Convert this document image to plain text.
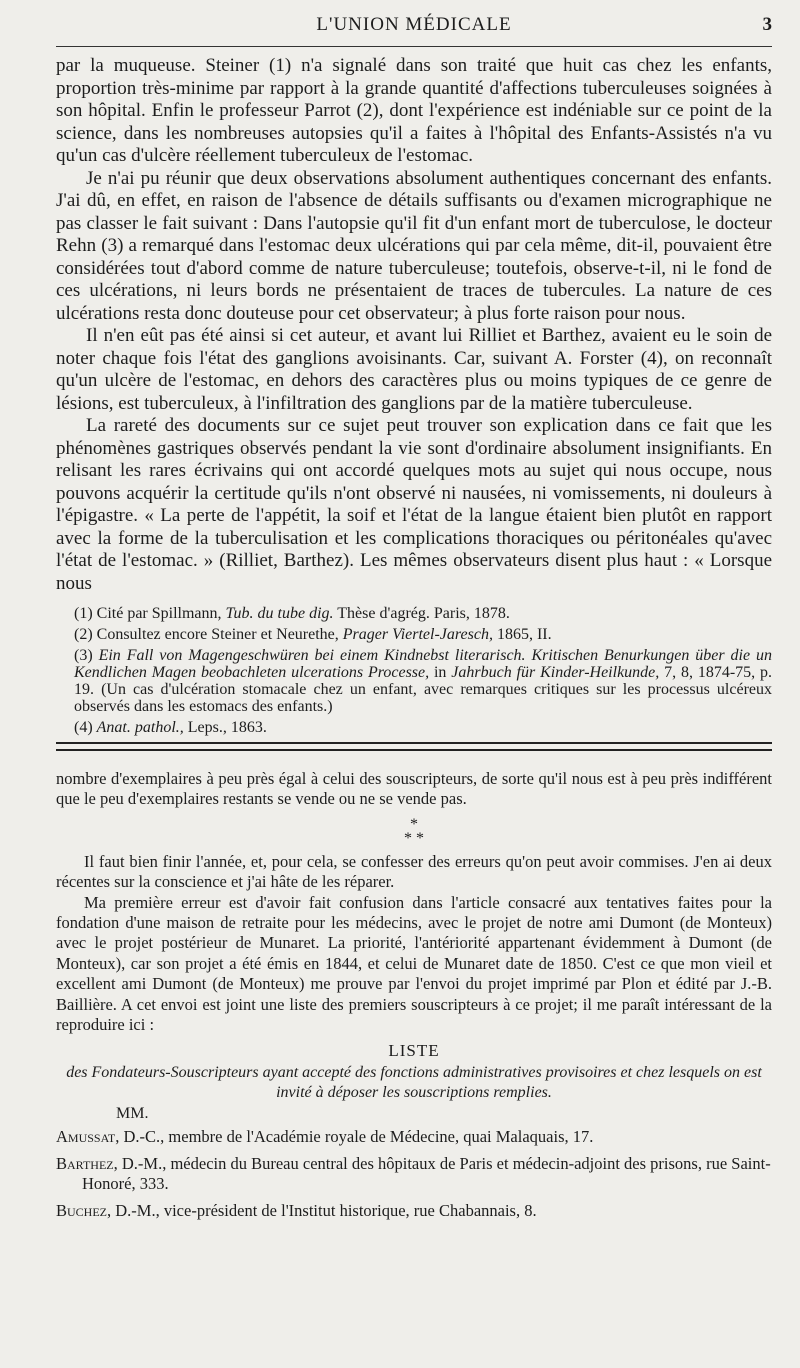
L'UNION MÉDICALE	3

par la muqueuse. Steiner (1) n'a signalé dans son traité que huit cas chez les enfants, proportion très-minime par rapport à la grande quantité d'affections tuberculeuses soignées à son hôpital. Enfin le professeur Parrot (2), dont l'expérience est indéniable sur ce point de la science, dans les nombreuses autopsies qu'il a faites à l'hôpital des Enfants-Assistés n'a vu qu'un cas d'ulcère réellement tuberculeux de l'estomac.

Je n'ai pu réunir que deux observations absolument authentiques concernant des enfants. J'ai dû, en effet, en raison de l'absence de détails suffisants ou d'examen micrographique ne pas classer le fait suivant : Dans l'autopsie qu'il fit d'un enfant mort de tuberculose, le docteur Rehn (3) a remarqué dans l'estomac deux ulcérations qui par cela même, dit-il, pouvaient être considérées tout d'abord comme de nature tuberculeuse; toutefois, observe-t-il, ni le fond de ces ulcérations, ni leurs bords ne présentaient de traces de tubercules. La nature de ces ulcérations resta donc douteuse pour cet observateur; à plus forte raison pour nous.

Il n'en eût pas été ainsi si cet auteur, et avant lui Rilliet et Barthez, avaient eu le soin de noter chaque fois l'état des ganglions avoisinants. Car, suivant A. Forster (4), on reconnaît qu'un ulcère de l'estomac, en dehors des caractères plus ou moins typiques de ce genre de lésions, est tuberculeux, à l'infiltration des ganglions par de la matière tuberculeuse.

La rareté des documents sur ce sujet peut trouver son explication dans ce fait que les phénomènes gastriques observés pendant la vie sont d'ordinaire absolument insignifiants. En relisant les rares écrivains qui ont accordé quelques mots au sujet qui nous occupe, nous pouvons acquérir la certitude qu'ils n'ont observé ni nausées, ni vomissements, ni douleurs à l'épigastre. « La perte de l'appétit, la soif et l'état de la langue étaient bien plutôt en rapport avec la forme de la tuberculisation et les complications thoraciques ou péritonéales qu'avec l'état de l'estomac. » (Rilliet, Barthez). Les mêmes observateurs disent plus haut : « Lorsque nous

(1) Cité par Spillmann, Tub. du tube dig. Thèse d'agrég. Paris, 1878.

(2) Consultez encore Steiner et Neurethe, Prager Viertel-Jaresch, 1865, II.

(3) Ein Fall von Magengeschwüren bei einem Kindnebst literarisch. Kritischen Benurkungen über die un Kendlichen Magen beobachleten ulcerations Processe, in Jahrbuch für Kinder-Heilkunde, 7, 8, 1874-75, p. 19. (Un cas d'ulcération stomacale chez un enfant, avec remarques critiques sur les processus ulcéreux observés dans les estomacs des enfants.)

(4) Anat. pathol., Leps., 1863.

nombre d'exemplaires à peu près égal à celui des souscripteurs, de sorte qu'il nous est à peu près indifférent que le peu d'exemplaires restants se vende ou ne se vende pas.

*
* *

Il faut bien finir l'année, et, pour cela, se confesser des erreurs qu'on peut avoir commises. J'en ai deux récentes sur la conscience et j'ai hâte de les réparer.

Ma première erreur est d'avoir fait confusion dans l'article consacré aux tentatives faites pour la fondation d'une maison de retraite pour les médecins, avec le projet de notre ami Dumont (de Monteux) avec le projet postérieur de Munaret. La priorité, l'antériorité appartenant évidemment à Dumont (de Monteux), car son projet a été émis en 1844, et celui de Munaret date de 1850. C'est ce que mon vieil et excellent ami Dumont (de Monteux) me prouve par l'envoi du projet imprimé par Plon et édité par J.-B. Baillière. A cet envoi est joint une liste des premiers souscripteurs à ce projet; il me paraît intéressant de la reproduire ici :

LISTE
des Fondateurs-Souscripteurs ayant accepté des fonctions administratives provisoires et chez lesquels on est invité à déposer les souscriptions remplies.
MM.
Amussat, D.-C., membre de l'Académie royale de Médecine, quai Malaquais, 17.
Barthez, D.-M., médecin du Bureau central des hôpitaux de Paris et médecin-adjoint des prisons, rue Saint-Honoré, 333.
Buchez, D.-M., vice-président de l'Institut historique, rue Chabannais, 8.
